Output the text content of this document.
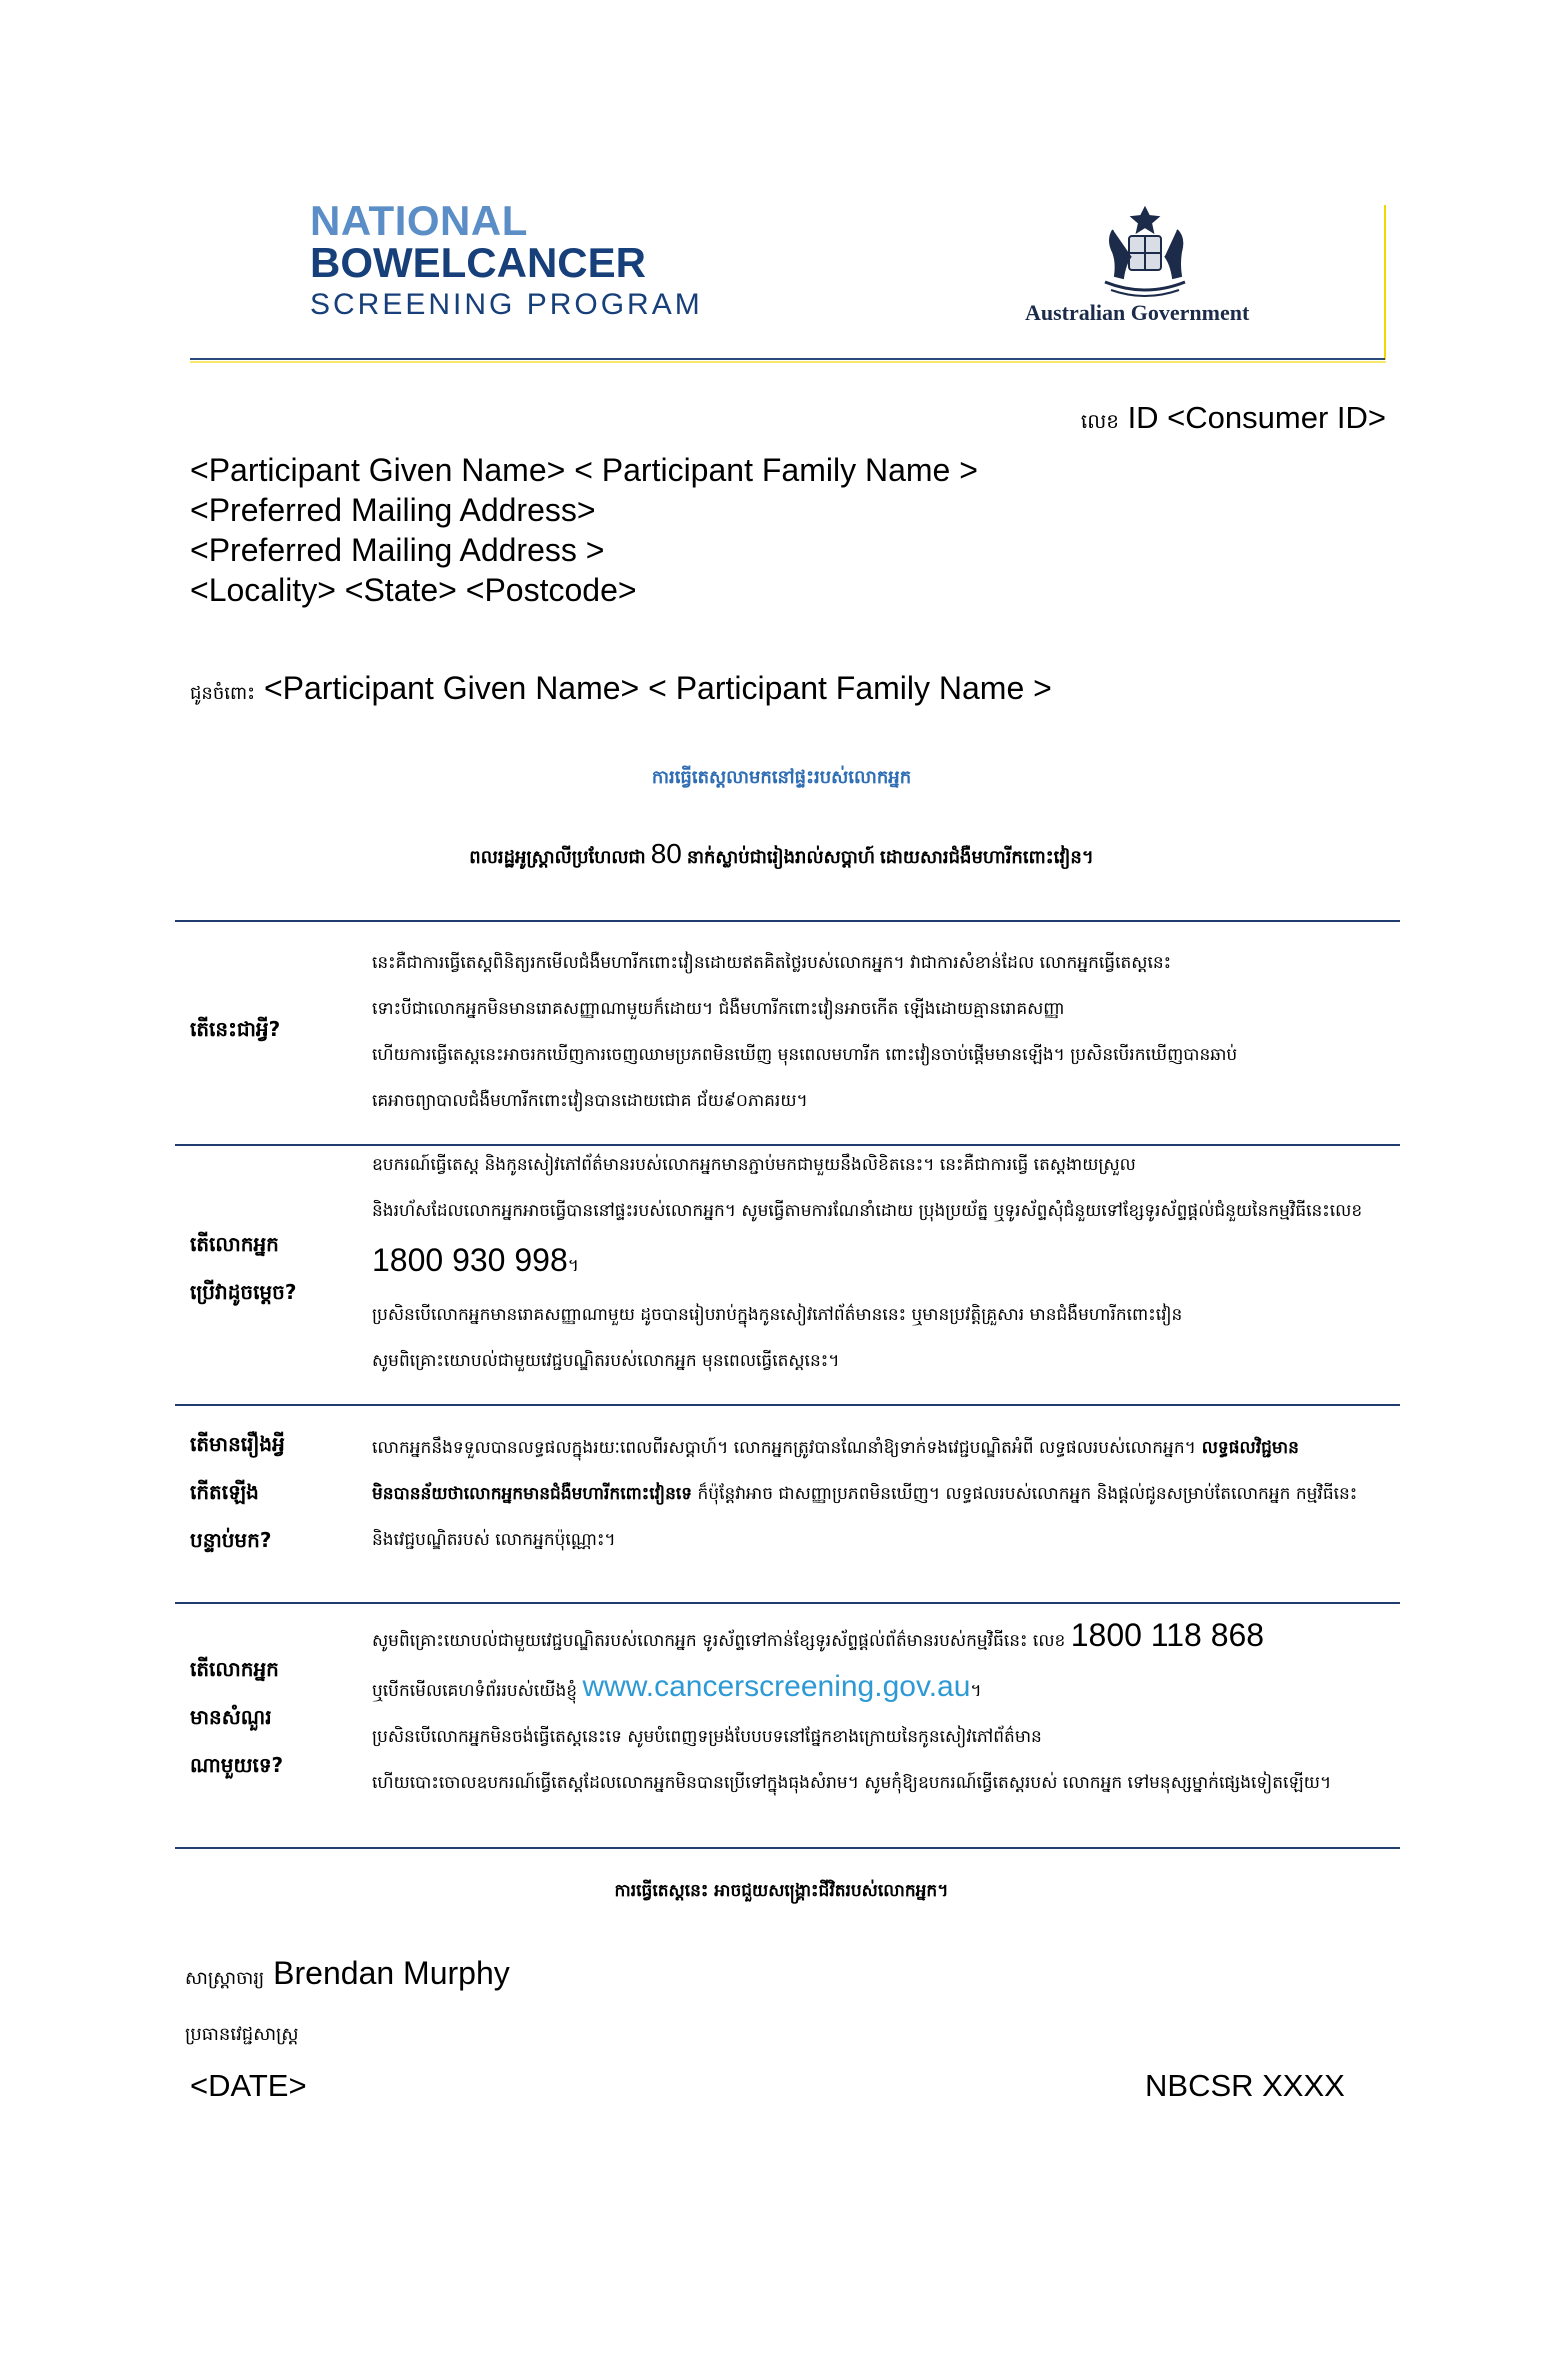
NATIONAL
BOWELCANCER
SCREENING PROGRAM	Australian Government
លេខ ID <Consumer ID>
<Participant Given Name> < Participant Family Name >
<Preferred Mailing Address>
<Preferred Mailing Address >
<Locality> <State> <Postcode>
ជូនចំពោះ <Participant Given Name> < Participant Family Name >
ការធ្វើតេស្តលាមកនៅផ្ទះរបស់លោកអ្នក
ពលរដ្ឋអូស្ត្រាលីប្រហែលជា 80 នាក់ស្លាប់ជារៀងរាល់សប្តាហ៍ ដោយសារជំងឺមហារីកពោះវៀន។
តើនេះជាអ្វី?
នេះគឺជាការធ្វើតេស្តពិនិត្យរកមើលជំងឺមហារីកពោះវៀនដោយឥតគិតថ្លៃរបស់លោកអ្នក។ វាជាការសំខាន់ដែល លោកអ្នកធ្វើតេស្តនេះ
ទោះបីជាលោកអ្នកមិនមានរោគសញ្ញាណាមួយក៏ដោយ។ ជំងឺមហារីកពោះវៀនអាចកើត ឡើងដោយគ្មានរោគសញ្ញា
ហើយការធ្វើតេស្តនេះអាចរកឃើញការចេញឈាមប្រភពមិនឃើញ មុនពេលមហារីក ពោះវៀនចាប់ផ្តើមមានឡើង។ ប្រសិនបើរកឃើញបានឆាប់
គេអាចព្យាបាលជំងឺមហារីកពោះវៀនបានដោយជោគ ជ័យ៩០ភាគរយ។
តើលោកអ្នក
ប្រើវាដូចម្តេច?
ឧបករណ៍ធ្វើតេស្ត និងកូនសៀវភៅព័ត៌មានរបស់លោកអ្នកមានភ្ជាប់មកជាមួយនឹងលិខិតនេះ។ នេះគឺជាការធ្វើ តេស្តងាយស្រួល
និងរហ័សដែលលោកអ្នកអាចធ្វើបាននៅផ្ទះរបស់លោកអ្នក។ សូមធ្វើតាមការណែនាំដោយ ប្រុងប្រយ័ត្ន ឬទូរស័ព្ទសុំជំនួយទៅខ្សែទូរស័ព្ទផ្តល់ជំនួយនៃកម្មវិធីនេះលេខ
1800 930 998។
ប្រសិនបើលោកអ្នកមានរោគសញ្ញាណាមួយ ដូចបានរៀបរាប់ក្នុងកូនសៀវភៅព័ត៌មាននេះ ឬមានប្រវត្តិគ្រួសារ មានជំងឺមហារីកពោះវៀន
សូមពិគ្រោះយោបល់ជាមួយវេជ្ជបណ្ឌិតរបស់លោកអ្នក មុនពេលធ្វើតេស្តនេះ។
តើមានរឿងអ្វី
កើតឡើង
បន្ទាប់មក?
លោកអ្នកនឹងទទួលបានលទ្ធផលក្នុងរយៈពេលពីរសប្តាហ៍។ លោកអ្នកត្រូវបានណែនាំឱ្យទាក់ទងវេជ្ជបណ្ឌិតអំពី លទ្ធផលរបស់លោកអ្នក។ លទ្ធផលវិជ្ជមាន
មិនបានន័យថាលោកអ្នកមានជំងឺមហារីកពោះវៀនទេ ក៏ប៉ុន្តែវាអាច ជាសញ្ញាប្រភពមិនឃើញ។ លទ្ធផលរបស់លោកអ្នក និងផ្តល់ជូនសម្រាប់តែលោកអ្នក កម្មវិធីនេះ
និងវេជ្ជបណ្ឌិតរបស់ លោកអ្នកប៉ុណ្ណោះ។
តើលោកអ្នក
មានសំណួរ
ណាមួយទេ?
សូមពិគ្រោះយោបល់ជាមួយវេជ្ជបណ្ឌិតរបស់លោកអ្នក ទូរស័ព្ទទៅកាន់ខ្សែទូរស័ព្ទផ្តល់ព័ត៌មានរបស់កម្មវិធីនេះ លេខ 1800 118 868
ឬបើកមើលគេហទំព័ររបស់យើងខ្ញុំ www.cancerscreening.gov.au។
ប្រសិនបើលោកអ្នកមិនចង់ធ្វើតេស្តនេះទេ សូមបំពេញទម្រង់បែបបទនៅផ្នែកខាងក្រោយនៃកូនសៀវភៅព័ត៌មាន
ហើយបោះចោលឧបករណ៍ធ្វើតេស្តដែលលោកអ្នកមិនបានប្រើទៅក្នុងធុងសំរាម។ សូមកុំឱ្យឧបករណ៍ធ្វើតេស្តរបស់ លោកអ្នក ទៅមនុស្សម្នាក់ផ្សេងទៀតឡើយ។
ការធ្វើតេស្តនេះ អាចជួយសង្គ្រោះជីវិតរបស់លោកអ្នក។
សាស្ត្រាចារ្យ Brendan Murphy
ប្រធានវេជ្ជសាស្ត្រ
<DATE>	NBCSR XXXX
